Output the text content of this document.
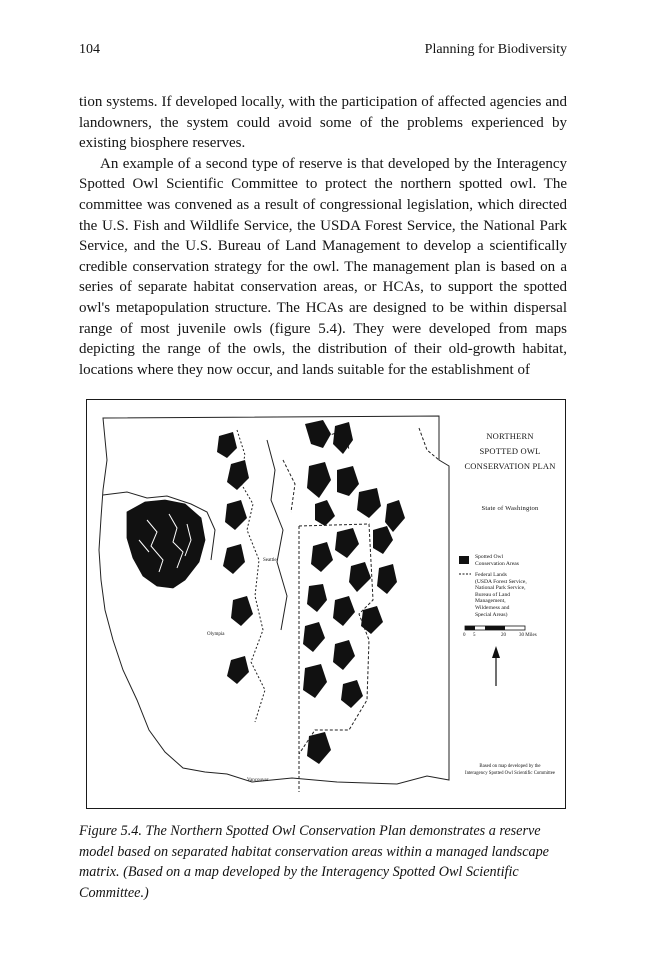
104	Planning for Biodiversity

tion systems. If developed locally, with the participation of affected agencies and landowners, the system could avoid some of the problems experienced by existing biosphere reserves.

An example of a second type of reserve is that developed by the Interagency Spotted Owl Scientific Committee to protect the northern spotted owl. The committee was convened as a result of congressional legislation, which directed the U.S. Fish and Wildlife Service, the USDA Forest Service, the National Park Service, and the U.S. Bureau of Land Management to develop a scientifically credible conservation strategy for the owl. The management plan is based on a series of separate habitat conservation areas, or HCAs, to support the spotted owl's metapopulation structure. The HCAs are designed to be within dispersal range of most juvenile owls (figure 5.4). They were developed from maps depicting the range of the owls, the distribution of their old-growth habitat, locations where they now occur, and lands suitable for the establishment of

NORTHERN
SPOTTED OWL
CONSERVATION PLAN
State of Washington
Spotted Owl
Conservation Areas
Federal Lands
(USDA Forest Service,
National Park Service,
Bureau of Land
Management,
Wilderness and
Special Areas)
0 5	20	30 Miles
Based on map developed by the
Interagency Spotted Owl Scientific Committee
Seattle
Olympia
Vancouver

Figure 5.4. The Northern Spotted Owl Conservation Plan demonstrates a reserve model based on separated habitat conservation areas within a managed landscape matrix. (Based on a map developed by the Interagency Spotted Owl Scientific Committee.)
